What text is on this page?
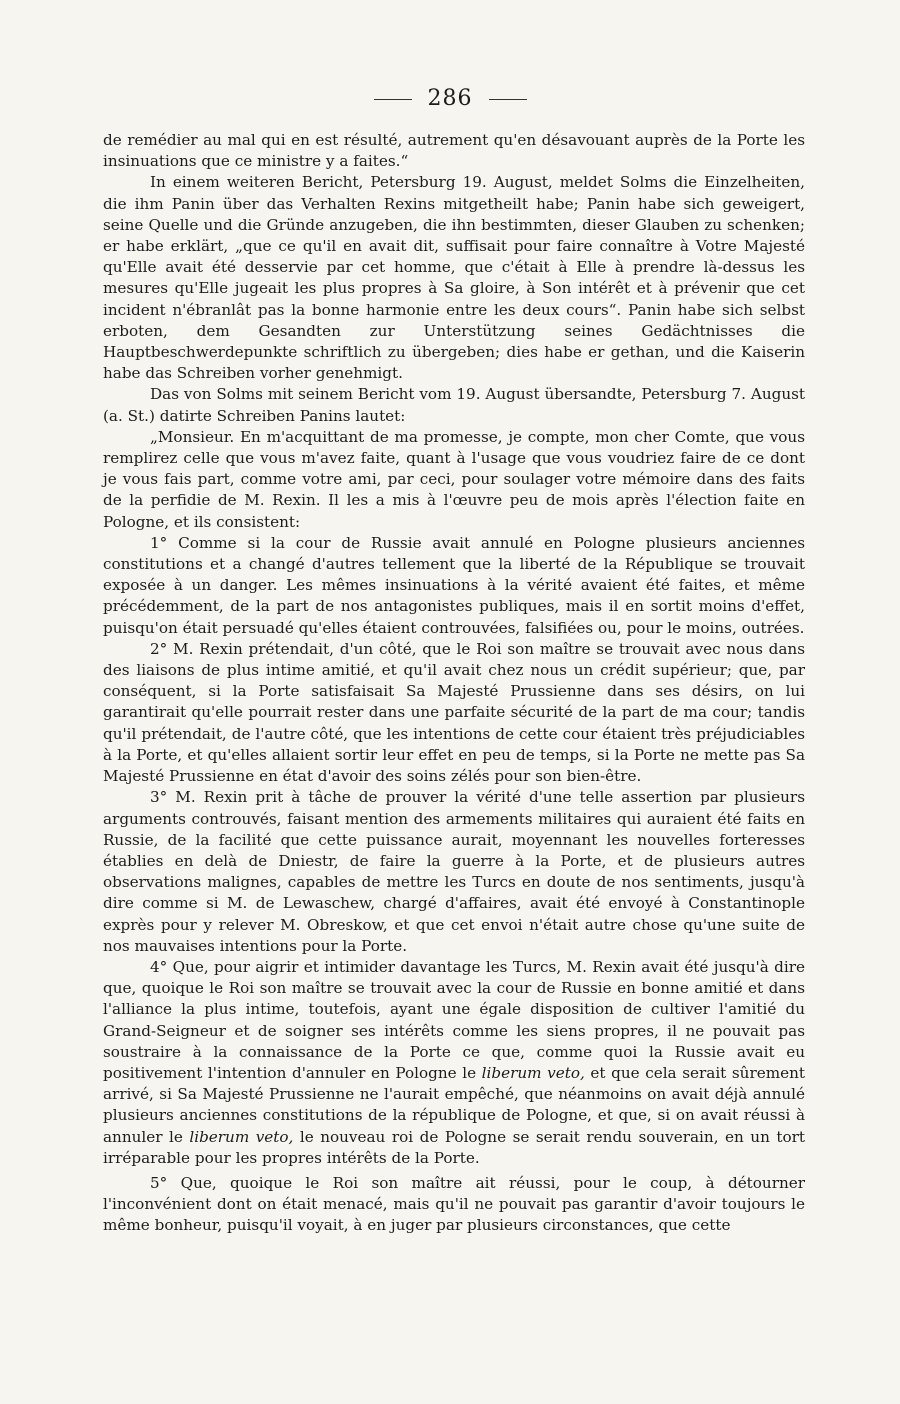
286

de remédier au mal qui en est résulté, autrement qu'en désavouant auprès de la Porte les insinuations que ce ministre y a faites.“

In einem weiteren Bericht, Petersburg 19. August, meldet Solms die Einzelheiten, die ihm Panin über das Verhalten Rexins mitgetheilt habe; Panin habe sich geweigert, seine Quelle und die Gründe anzugeben, die ihn bestimmten, dieser Glauben zu schenken; er habe erklärt, „que ce qu'il en avait dit, suffisait pour faire connaître à Votre Majesté qu'Elle avait été desservie par cet homme, que c'était à Elle à prendre là-dessus les mesures qu'Elle jugeait les plus propres à Sa gloire, à Son intérêt et à prévenir que cet incident n'ébranlât pas la bonne harmonie entre les deux cours“. Panin habe sich selbst erboten, dem Gesandten zur Unterstützung seines Gedächtnisses die Hauptbeschwerdepunkte schriftlich zu übergeben; dies habe er gethan, und die Kaiserin habe das Schreiben vorher genehmigt.

Das von Solms mit seinem Bericht vom 19. August übersandte, Petersburg 7. August (a. St.) datirte Schreiben Panins lautet:

„Monsieur. En m'acquittant de ma promesse, je compte, mon cher Comte, que vous remplirez celle que vous m'avez faite, quant à l'usage que vous voudriez faire de ce dont je vous fais part, comme votre ami, par ceci, pour soulager votre mémoire dans des faits de la perfidie de M. Rexin. Il les a mis à l'œuvre peu de mois après l'élection faite en Pologne, et ils consistent:

1° Comme si la cour de Russie avait annulé en Pologne plusieurs anciennes constitutions et a changé d'autres tellement que la liberté de la République se trouvait exposée à un danger. Les mêmes insinuations à la vérité avaient été faites, et même précédemment, de la part de nos antagonistes publiques, mais il en sortit moins d'effet, puisqu'on était persuadé qu'elles étaient controuvées, falsifiées ou, pour le moins, outrées.

2° M. Rexin prétendait, d'un côté, que le Roi son maître se trouvait avec nous dans des liaisons de plus intime amitié, et qu'il avait chez nous un crédit supérieur; que, par conséquent, si la Porte satisfaisait Sa Majesté Prussienne dans ses désirs, on lui garantirait qu'elle pourrait rester dans une parfaite sécurité de la part de ma cour; tandis qu'il prétendait, de l'autre côté, que les intentions de cette cour étaient très préjudiciables à la Porte, et qu'elles allaient sortir leur effet en peu de temps, si la Porte ne mette pas Sa Majesté Prussienne en état d'avoir des soins zélés pour son bien-être.

3° M. Rexin prit à tâche de prouver la vérité d'une telle assertion par plusieurs arguments controuvés, faisant mention des armements militaires qui auraient été faits en Russie, de la facilité que cette puissance aurait, moyennant les nouvelles forteresses établies en delà de Dniestr, de faire la guerre à la Porte, et de plusieurs autres observations malignes, capables de mettre les Turcs en doute de nos sentiments, jusqu'à dire comme si M. de Lewaschew, chargé d'affaires, avait été envoyé à Constantinople exprès pour y relever M. Obreskow, et que cet envoi n'était autre chose qu'une suite de nos mauvaises intentions pour la Porte.

4° Que, pour aigrir et intimider davantage les Turcs, M. Rexin avait été jusqu'à dire que, quoique le Roi son maître se trouvait avec la cour de Russie en bonne amitié et dans l'alliance la plus intime, toutefois, ayant une égale disposition de cultiver l'amitié du Grand-Seigneur et de soigner ses intérêts comme les siens propres, il ne pouvait pas soustraire à la connaissance de la Porte ce que, comme quoi la Russie avait eu positivement l'intention d'annuler en Pologne le liberum veto, et que cela serait sûrement arrivé, si Sa Majesté Prussienne ne l'aurait empêché, que néanmoins on avait déjà annulé plusieurs anciennes constitutions de la république de Pologne, et que, si on avait réussi à annuler le liberum veto, le nouveau roi de Pologne se serait rendu souverain, en un tort irréparable pour les propres intérêts de la Porte.

5° Que, quoique le Roi son maître ait réussi, pour le coup, à détourner l'inconvénient dont on était menacé, mais qu'il ne pouvait pas garantir d'avoir toujours le même bonheur, puisqu'il voyait, à en juger par plusieurs circonstances, que cette
